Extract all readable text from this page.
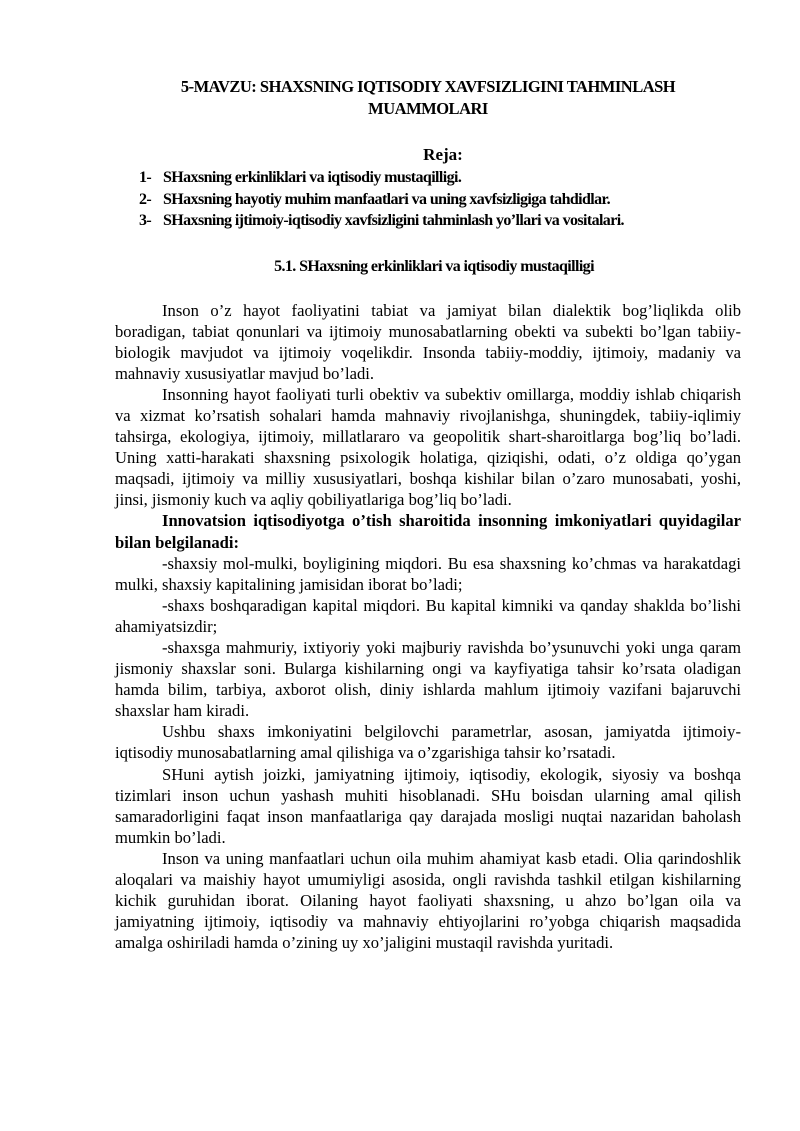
5-MAVZU: SHAXSNING IQTISODIY XAVFSIZLIGINI TAHMINLASH
MUAMMOLARI

Reja:

1- SHaxsning erkinliklari va iqtisodiy mustaqilligi.
2- SHaxsning hayotiy muhim manfaatlari va uning xavfsizligiga tahdidlar.
3- SHaxsning ijtimoiy-iqtisodiy xavfsizligini tahminlash yo’llari va vositalari.

5.1. SHaxsning erkinliklari va iqtisodiy mustaqilligi

Inson o’z hayot faoliyatini tabiat va jamiyat bilan dialektik bog’liqlikda olib boradigan, tabiat qonunlari va ijtimoiy munosabatlarning obekti va subekti bo’lgan tabiiy-biologik mavjudot va ijtimoiy voqelikdir. Insonda tabiiy-moddiy, ijtimoiy, madaniy va mahnaviy xususiyatlar mavjud bo’ladi.

Insonning hayot faoliyati turli obektiv va subektiv omillarga, moddiy ishlab chiqarish va xizmat ko’rsatish sohalari hamda mahnaviy rivojlanishga, shuningdek, tabiiy-iqlimiy tahsirga, ekologiya, ijtimoiy, millatlararo va geopolitik shart-sharoitlarga bog’liq bo’ladi. Uning xatti-harakati shaxsning psixologik holatiga, qiziqishi, odati, o’z oldiga qo’ygan maqsadi, ijtimoiy va milliy xususiyatlari, boshqa kishilar bilan o’zaro munosabati, yoshi, jinsi, jismoniy kuch va aqliy qobiliyatlariga bog’liq bo’ladi.

Innovatsion iqtisodiyotga o’tish sharoitida insonning imkoniyatlari quyidagilar bilan belgilanadi:

-shaxsiy mol-mulki, boyligining miqdori. Bu esa shaxsning ko’chmas va harakatdagi mulki, shaxsiy kapitalining jamisidan iborat bo’ladi;

-shaxs boshqaradigan kapital miqdori. Bu kapital kimniki va qanday shaklda bo’lishi ahamiyatsizdir;

-shaxsga mahmuriy, ixtiyoriy yoki majburiy ravishda bo’ysunuvchi yoki unga qaram jismoniy shaxslar soni. Bularga kishilarning ongi va kayfiyatiga tahsir ko’rsata oladigan hamda bilim, tarbiya, axborot olish, diniy ishlarda mahlum ijtimoiy vazifani bajaruvchi shaxslar ham kiradi.

Ushbu shaxs imkoniyatini belgilovchi parametrlar, asosan, jamiyatda ijtimoiy- iqtisodiy munosabatlarning amal qilishiga va o’zgarishiga tahsir ko’rsatadi.

SHuni aytish joizki, jamiyatning ijtimoiy, iqtisodiy, ekologik, siyosiy va boshqa tizimlari inson uchun yashash muhiti hisoblanadi. SHu boisdan ularning amal qilish samaradorligini faqat inson manfaatlariga qay darajada mosligi nuqtai nazaridan baholash mumkin bo’ladi.

Inson va uning manfaatlari uchun oila muhim ahamiyat kasb etadi. Olia qarindoshlik aloqalari va maishiy hayot umumiyligi asosida, ongli ravishda tashkil etilgan kishilarning kichik guruhidan iborat. Oilaning hayot faoliyati shaxsning, u ahzo bo’lgan oila va jamiyatning ijtimoiy, iqtisodiy va mahnaviy ehtiyojlarini ro’yobga chiqarish maqsadida amalga oshiriladi hamda o’zining uy xo’jaligini mustaqil ravishda yuritadi.
